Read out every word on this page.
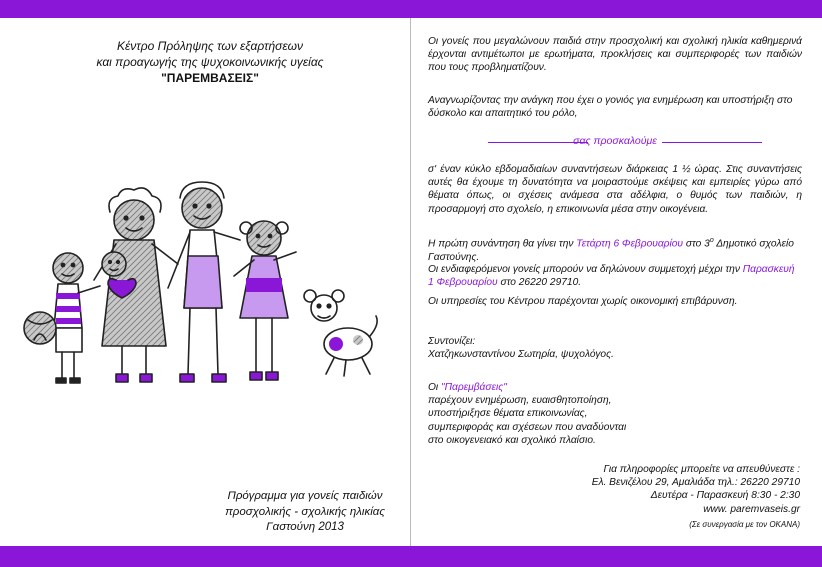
Κέντρο Πρόληψης των εξαρτήσεων
και προαγωγής της ψυχοκοινωνικής υγείας
"ΠΑΡΕΜΒΑΣΕΙΣ"
Πρόγραμμα για γονείς παιδιών
προσχολικής - σχολικής ηλικίας
Γαστούνη 2013

Οι γονείς που μεγαλώνουν παιδιά στην προσχολική και σχολική ηλικία καθημερινά έρχονται αντιμέτωποι με ερωτήματα, προκλήσεις και συμπεριφορές των παιδιών που τους προβληματίζουν.

Αναγνωρίζοντας την ανάγκη που έχει ο γονιός για ενημέρωση και υποστήριξη στο δύσκολο και απαιτητικό του ρόλο,

σας προσκαλούμε

σ' έναν κύκλο εβδομαδιαίων συναντήσεων διάρκειας 1 ½ ώρας. Στις συναντήσεις αυτές θα έχουμε τη δυνατότητα να μοιραστούμε σκέψεις και εμπειρίες γύρω από θέματα όπως, οι σχέσεις ανάμεσα στα αδέλφια, ο θυμός των παιδιών, η προσαρμογή στο σχολείο, η επικοινωνία μέσα στην οικογένεια.

Η πρώτη συνάντηση θα γίνει την Τετάρτη 6 Φεβρουαρίου στο $3^o$ Δημοτικό σχολείο Γαστούνης.

Οι ενδιαφερόμενοι γονείς μπορούν να δηλώνουν συμμετοχή μέχρι την Παρασκευή 1 Φεβρουαρίου στο 26220 29710.

Οι υπηρεσίες του Κέντρου παρέχονται χωρίς οικονομική επιβάρυνση.

Συντονίζει:

Χατζηκωνσταντίνου Σωτηρία, ψυχολόγος.

Οι "Παρεμβάσεις"

παρέχουν ενημέρωση, ευαισθητοποίηση,

υποστήριξησε θέματα επικοινωνίας,

συμπεριφοράς και σχέσεων που αναδύονται

στο οικογενειακό και σχολικό πλαίσιο.

Για πληροφορίες μπορείτε να απευθύνεστε :
Ελ. Βενιζέλου 29, Αμαλιάδα τηλ.: 26220 29710
Δευτέρα - Παρασκευή 8:30 - 2:30
www. paremvaseis.gr
(Σε συνεργασία με τον ΟΚΑΝΑ)
